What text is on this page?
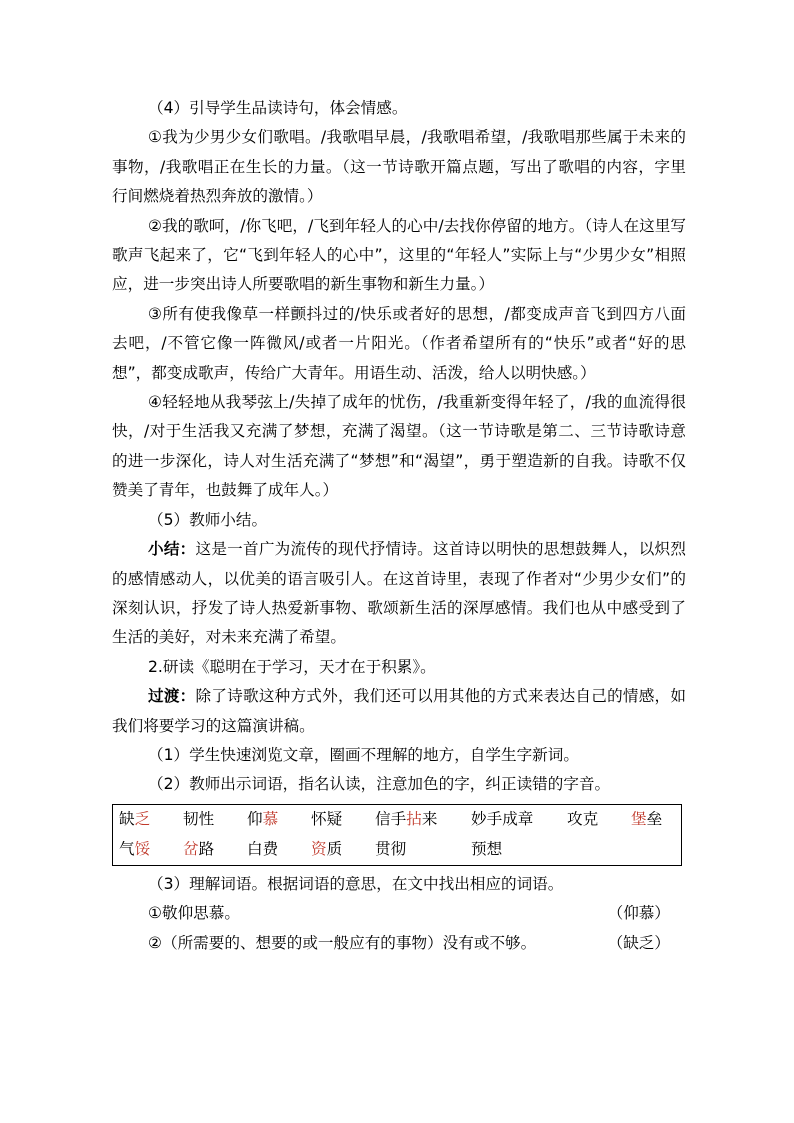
（4）引导学生品读诗句，体会情感。

①我为少男少女们歌唱。/我歌唱早晨，/我歌唱希望，/我歌唱那些属于未来的事物，/我歌唱正在生长的力量。（这一节诗歌开篇点题，写出了歌唱的内容，字里行间燃烧着热烈奔放的激情。）

②我的歌呵，/你飞吧，/飞到年轻人的心中/去找你停留的地方。（诗人在这里写歌声飞起来了，它“飞到年轻人的心中”，这里的“年轻人”实际上与“少男少女”相照应，进一步突出诗人所要歌唱的新生事物和新生力量。）

③所有使我像草一样颤抖过的/快乐或者好的思想，/都变成声音飞到四方八面去吧，/不管它像一阵微风/或者一片阳光。（作者希望所有的“快乐”或者“好的思想”，都变成歌声，传给广大青年。用语生动、活泼，给人以明快感。）

④轻轻地从我琴弦上/失掉了成年的忧伤，/我重新变得年轻了，/我的血流得很快，/对于生活我又充满了梦想，充满了渴望。（这一节诗歌是第二、三节诗歌诗意的进一步深化，诗人对生活充满了“梦想”和“渴望”，勇于塑造新的自我。诗歌不仅赞美了青年，也鼓舞了成年人。）

（5）教师小结。

小结：这是一首广为流传的现代抒情诗。这首诗以明快的思想鼓舞人，以炽烈的感情感动人，以优美的语言吸引人。在这首诗里，表现了作者对“少男少女们”的深刻认识，抒发了诗人热爱新事物、歌颂新生活的深厚感情。我们也从中感受到了生活的美好，对未来充满了希望。

2.研读《聪明在于学习，天才在于积累》。

过渡：除了诗歌这种方式外，我们还可以用其他的方式来表达自己的情感，如我们将要学习的这篇演讲稿。

（1）学生快速浏览文章，圈画不理解的地方，自学生字新词。

（2）教师出示词语，指名认读，注意加色的字，纠正读错的字音。

缺乏 韧性 仰慕 怀疑 信手拈来 妙手成章 攻克 堡垒
气馁 岔路 白费 资质 贯彻	预想

（3）理解词语。根据词语的意思，在文中找出相应的词语。

①敬仰思慕。	（仰慕）
②（所需要的、想要的或一般应有的事物）没有或不够。	（缺乏）
